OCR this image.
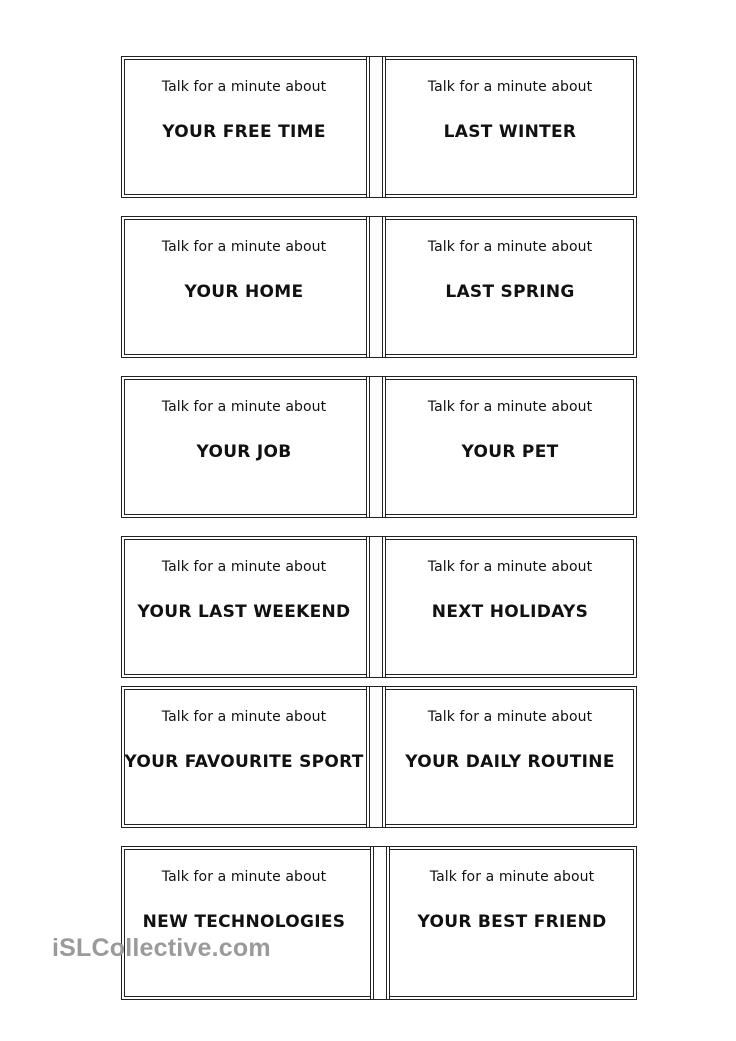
Talk for a minute about
YOUR FREE TIME
Talk for a minute about
LAST WINTER
Talk for a minute about
YOUR HOME
Talk for a minute about
LAST SPRING
Talk for a minute about
YOUR JOB
Talk for a minute about
YOUR PET
Talk for a minute about
YOUR LAST WEEKEND
Talk for a minute about
NEXT HOLIDAYS
Talk for a minute about
YOUR FAVOURITE SPORT
Talk for a minute about
YOUR DAILY ROUTINE
Talk for a minute about
NEW TECHNOLOGIES
Talk for a minute about
YOUR BEST FRIEND
iSLCollective.com
